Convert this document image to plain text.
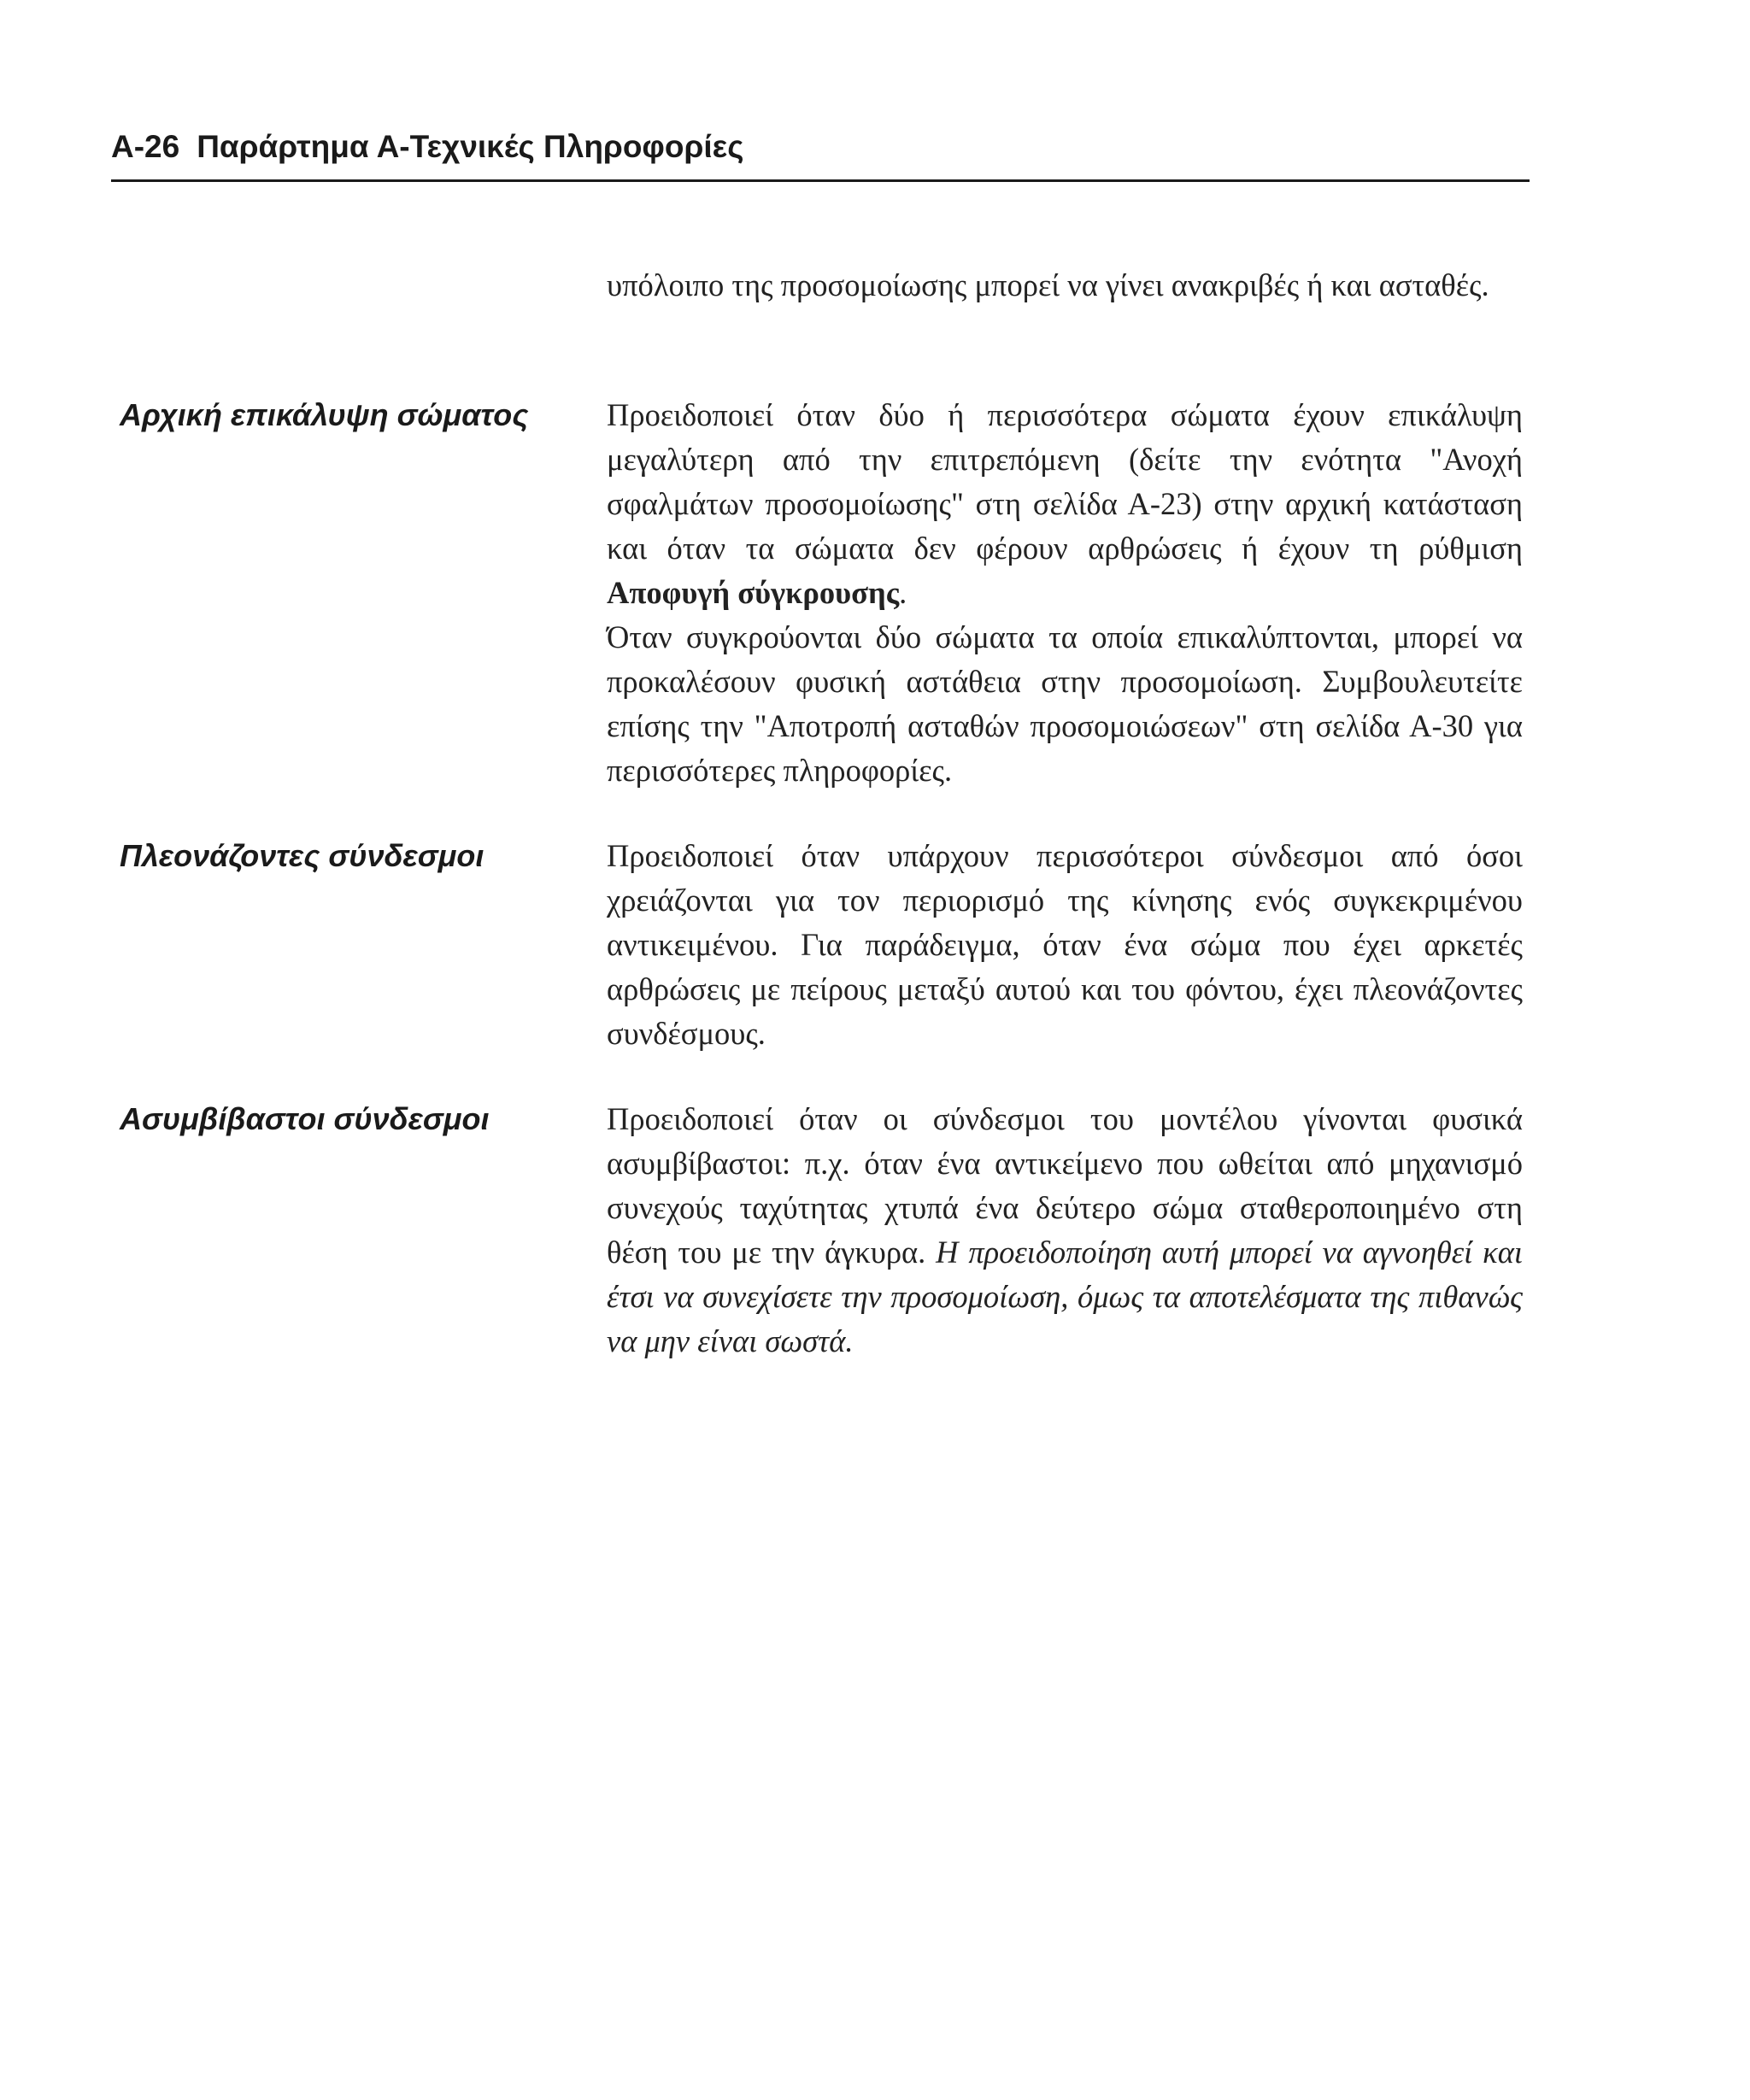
A-26 Παράρτημα Α-Τεχνικές Πληροφορίες

υπόλοιπο της προσομοίωσης μπορεί να γίνει ανακριβές ή και ασταθές.

Αρχική επικάλυψη σώματος	Προειδοποιεί όταν δύο ή περισσότερα σώματα έχουν επικάλυψη μεγαλύτερη από την επιτρεπόμενη (δείτε την ενότητα "Ανοχή σφαλμάτων προσομοίωσης" στη σελίδα Α-23) στην αρχική κατάσταση και όταν τα σώματα δεν φέρουν αρθρώσεις ή έχουν τη ρύθμιση Αποφυγή σύγκρουσης.

Όταν συγκρούονται δύο σώματα τα οποία επικαλύπτονται, μπορεί να προκαλέσουν φυσική αστάθεια στην προσομοίωση. Συμβουλευτείτε επίσης την "Αποτροπή ασταθών προσομοιώσεων" στη σελίδα Α-30 για περισσότερες πληροφορίες.

Πλεονάζοντες σύνδεσμοι	Προειδοποιεί όταν υπάρχουν περισσότεροι σύνδεσμοι από όσοι χρειάζονται για τον περιορισμό της κίνησης ενός συγκεκριμένου αντικειμένου. Για παράδειγμα, όταν ένα σώμα που έχει αρκετές αρθρώσεις με πείρους μεταξύ αυτού και του φόντου, έχει πλεονάζοντες συνδέσμους.

Ασυμβίβαστοι σύνδεσμοι	Προειδοποιεί όταν οι σύνδεσμοι του μοντέλου γίνονται φυσικά ασυμβίβαστοι: π.χ. όταν ένα αντικείμενο που ωθείται από μηχανισμό συνεχούς ταχύτητας χτυπά ένα δεύτερο σώμα σταθεροποιημένο στη θέση του με την άγκυρα. Η προειδοποίηση αυτή μπορεί να αγνοηθεί και έτσι να συνεχίσετε την προσομοίωση, όμως τα αποτελέσματα της πιθανώς να μην είναι σωστά.
